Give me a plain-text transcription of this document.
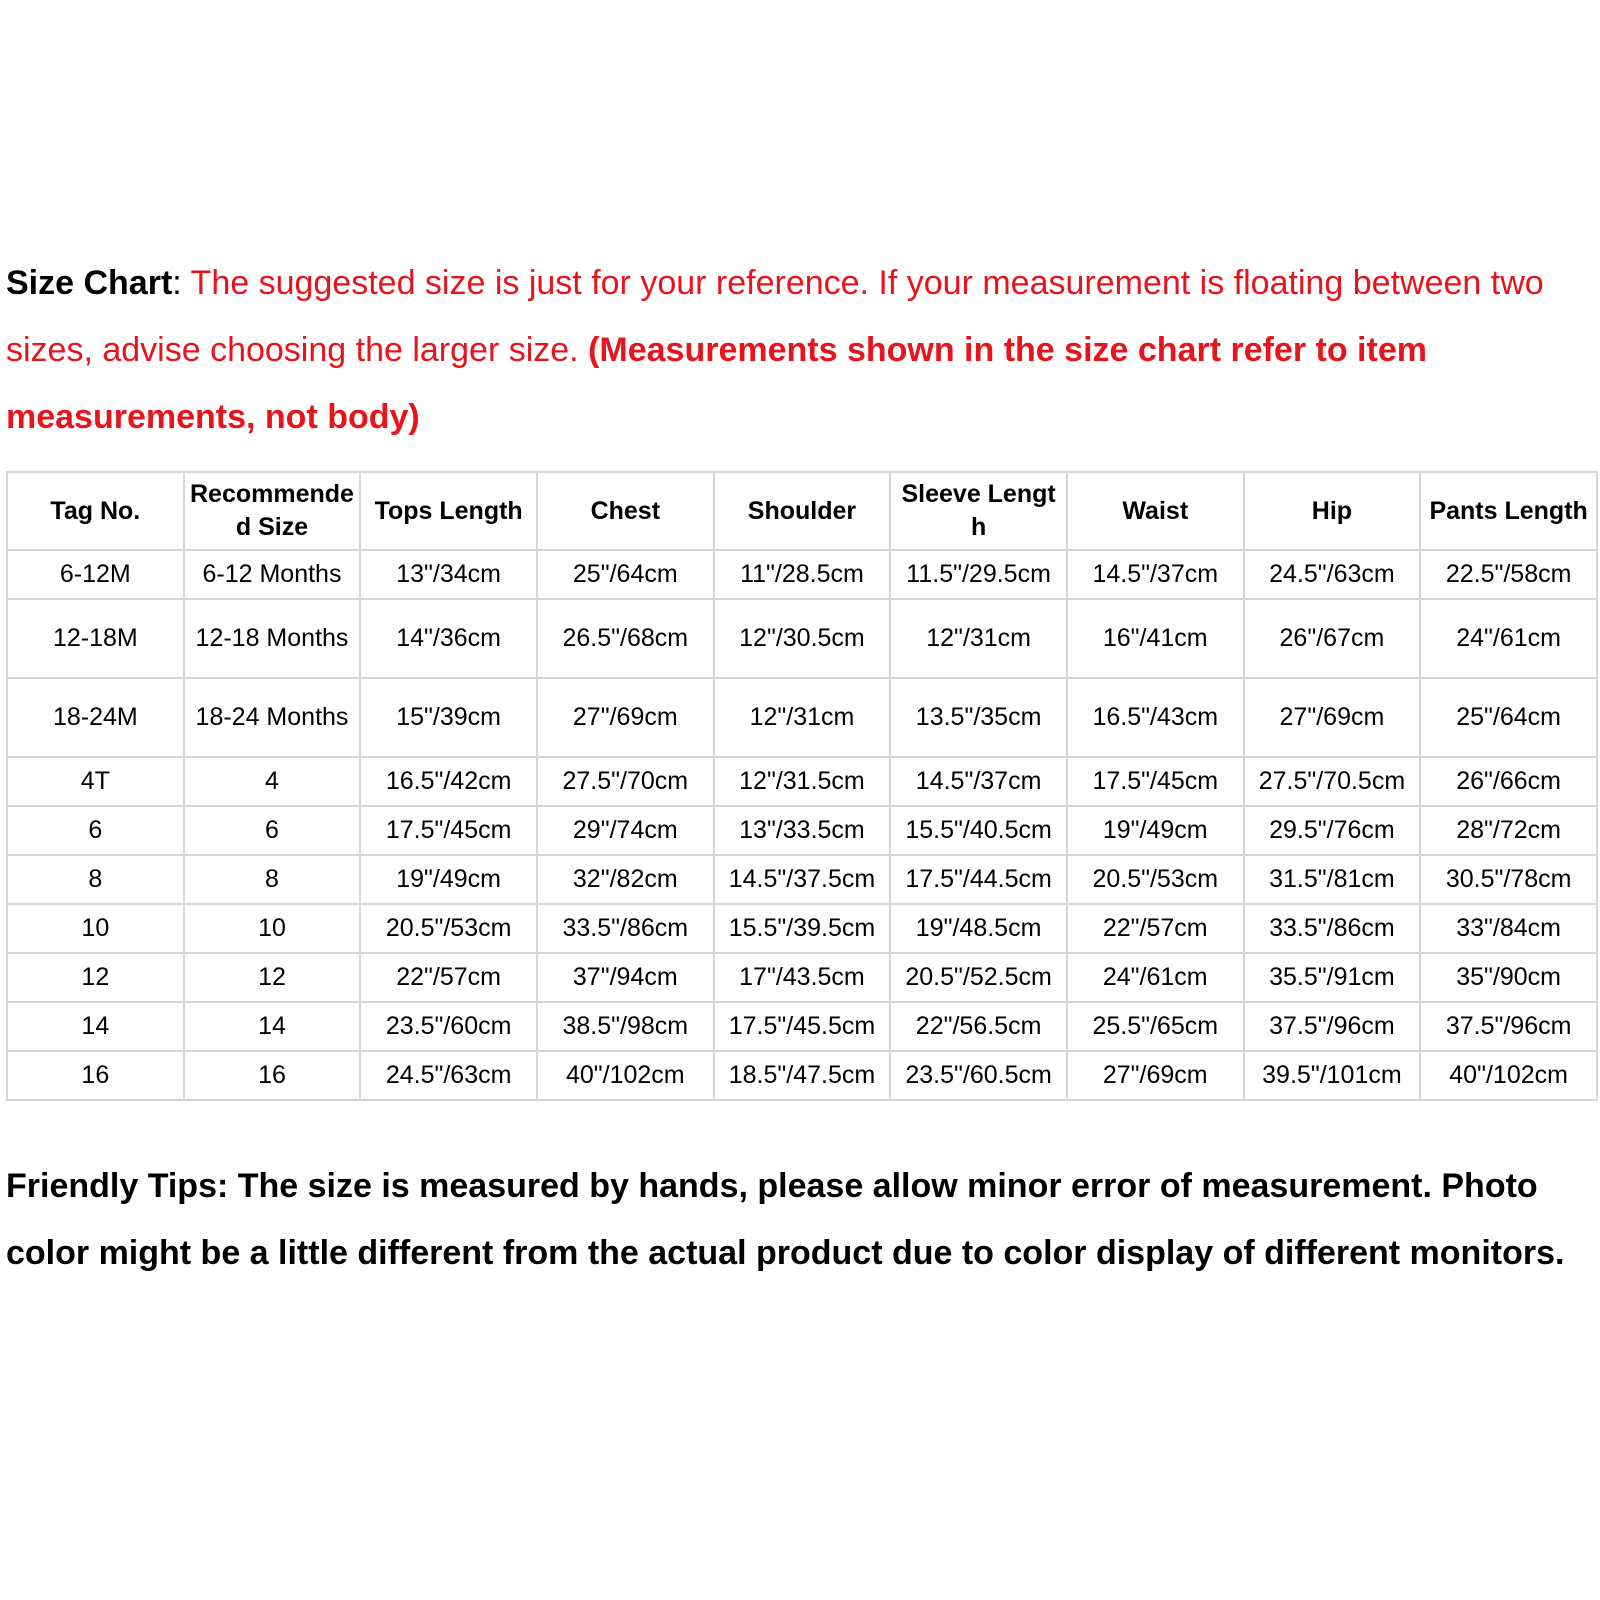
Size Chart: The suggested size is just for your reference. If your measurement is floating between two sizes, advise choosing the larger size. (Measurements shown in the size chart refer to item measurements, not body)

Tag No.	Recommended Size	Tops Length	Chest	Shoulder	Sleeve Length	Waist	Hip	Pants Length
6-12M	6-12 Months	13"/34cm	25"/64cm	11"/28.5cm	11.5"/29.5cm	14.5"/37cm	24.5"/63cm	22.5"/58cm
12-18M	12-18 Months	14"/36cm	26.5"/68cm	12"/30.5cm	12"/31cm	16"/41cm	26"/67cm	24"/61cm
18-24M	18-24 Months	15"/39cm	27"/69cm	12"/31cm	13.5"/35cm	16.5"/43cm	27"/69cm	25"/64cm
4T	4	16.5"/42cm	27.5"/70cm	12"/31.5cm	14.5"/37cm	17.5"/45cm	27.5"/70.5cm	26"/66cm
6	6	17.5"/45cm	29"/74cm	13"/33.5cm	15.5"/40.5cm	19"/49cm	29.5"/76cm	28"/72cm
8	8	19"/49cm	32"/82cm	14.5"/37.5cm	17.5"/44.5cm	20.5"/53cm	31.5"/81cm	30.5"/78cm
10	10	20.5"/53cm	33.5"/86cm	15.5"/39.5cm	19"/48.5cm	22"/57cm	33.5"/86cm	33"/84cm
12	12	22"/57cm	37"/94cm	17"/43.5cm	20.5"/52.5cm	24"/61cm	35.5"/91cm	35"/90cm
14	14	23.5"/60cm	38.5"/98cm	17.5"/45.5cm	22"/56.5cm	25.5"/65cm	37.5"/96cm	37.5"/96cm
16	16	24.5"/63cm	40"/102cm	18.5"/47.5cm	23.5"/60.5cm	27"/69cm	39.5"/101cm	40"/102cm

Friendly Tips: The size is measured by hands, please allow minor error of measurement. Photo color might be a little different from the actual product due to color display of different monitors.
